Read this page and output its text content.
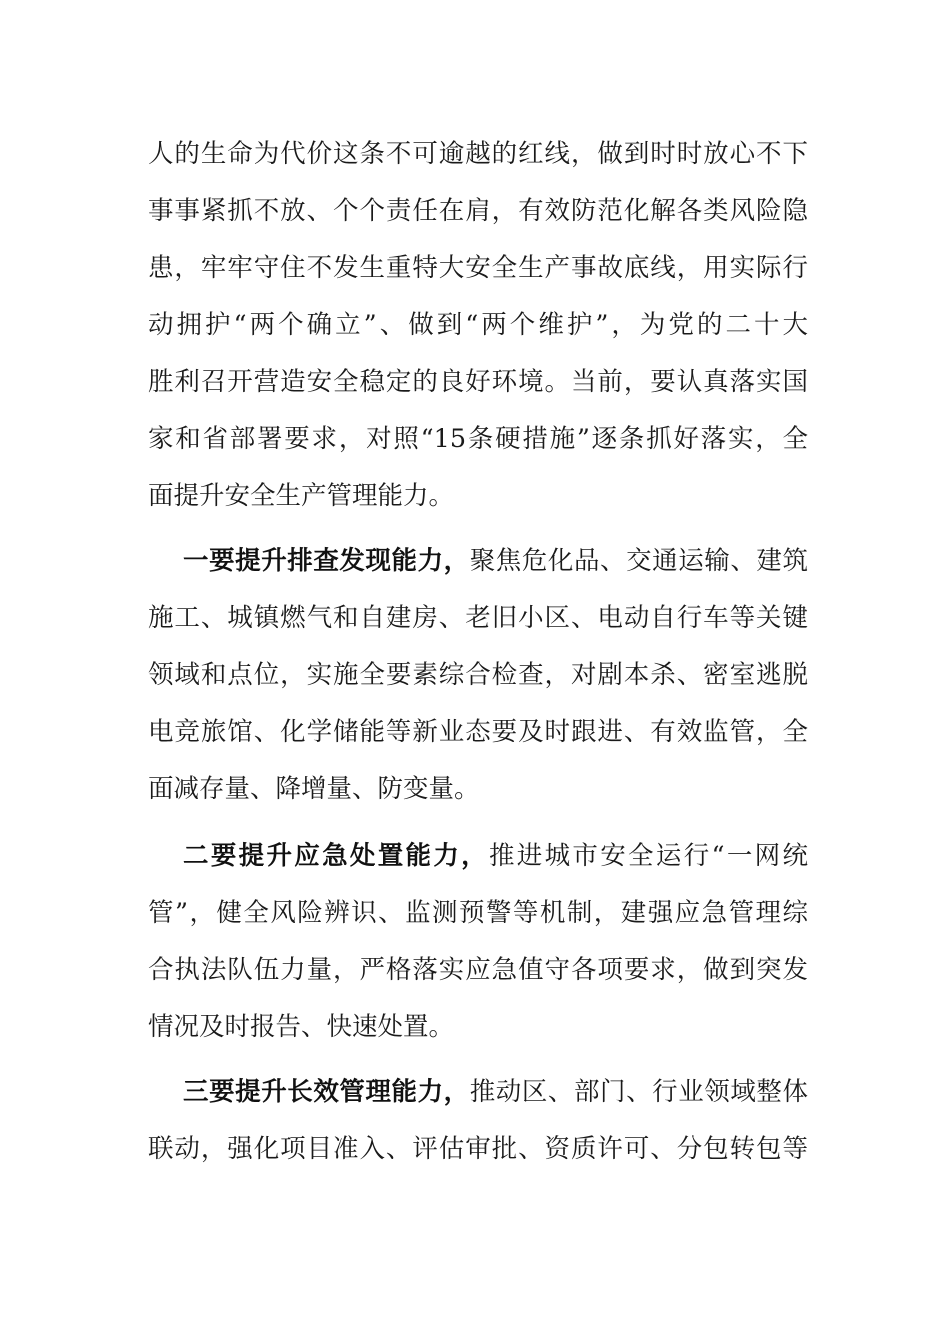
人的生命为代价这条不可逾越的红线，做到时时放心不下
事事紧抓不放、个个责任在肩，有效防范化解各类风险隐
患，牢牢守住不发生重特大安全生产事故底线，用实际行
动拥护“两个确立”、做到“两个维护”，为党的二十大
胜利召开营造安全稳定的良好环境。当前，要认真落实国
家和省部署要求，对照“15条硬措施”逐条抓好落实，全
面提升安全生产管理能力。
一要提升排查发现能力，聚焦危化品、交通运输、建筑
施工、城镇燃气和自建房、老旧小区、电动自行车等关键
领域和点位，实施全要素综合检查，对剧本杀、密室逃脱
电竞旅馆、化学储能等新业态要及时跟进、有效监管，全
面减存量、降增量、防变量。
二要提升应急处置能力，推进城市安全运行“一网统
管”，健全风险辨识、监测预警等机制，建强应急管理综
合执法队伍力量，严格落实应急值守各项要求，做到突发
情况及时报告、快速处置。
三要提升长效管理能力，推动区、部门、行业领域整体
联动，强化项目准入、评估审批、资质许可、分包转包等
